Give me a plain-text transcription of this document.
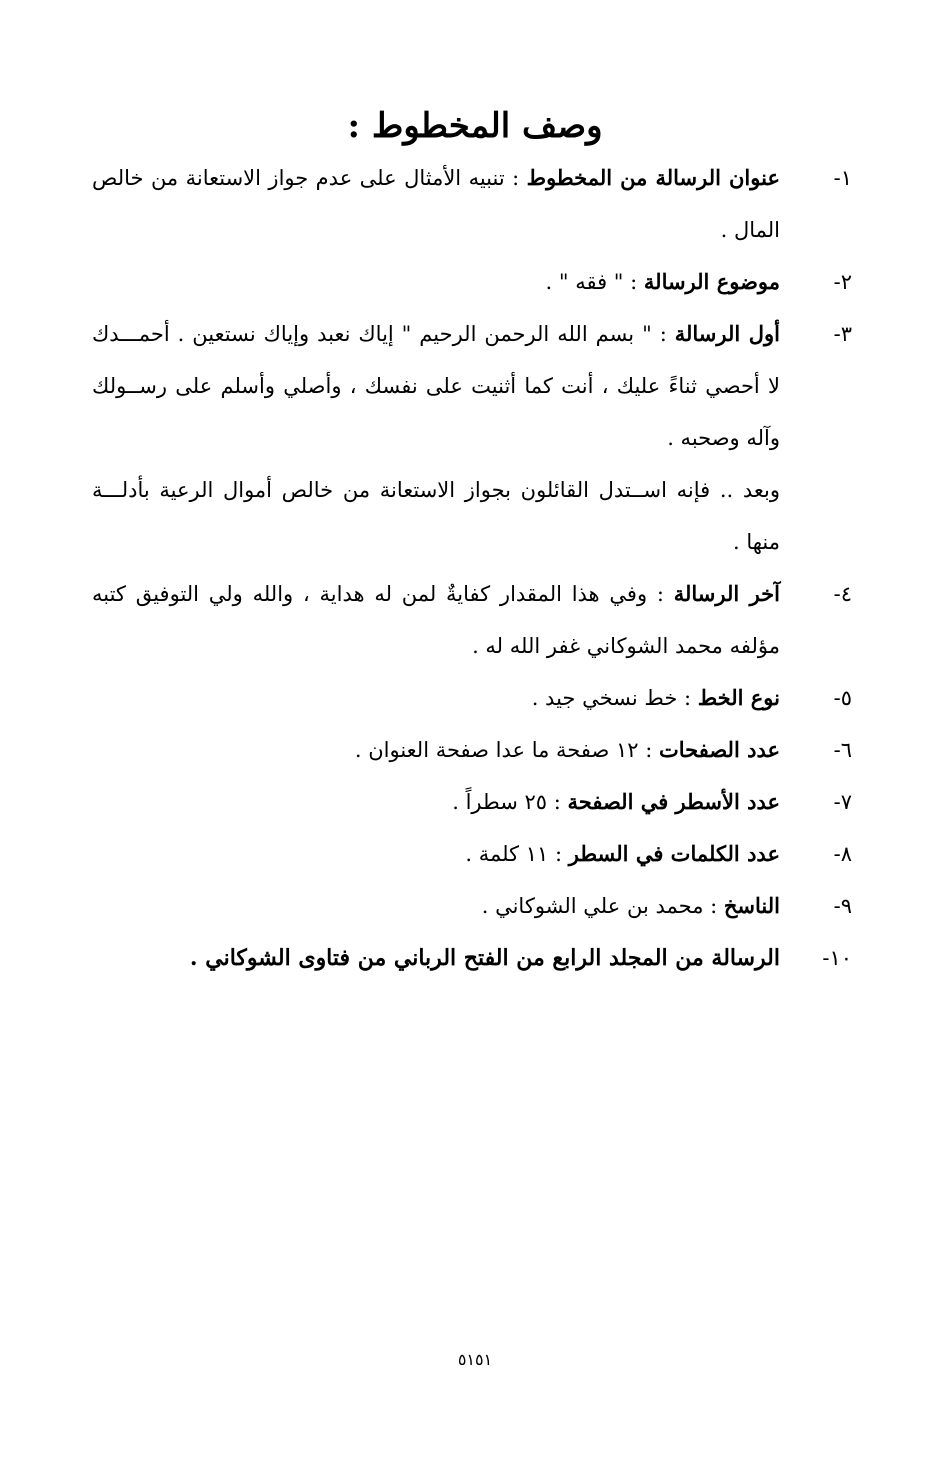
وصف المخطوط :
١-
عنوان الرسالة من المخطوط : تنبيه الأمثال على عدم جواز الاستعانة من خالص المال .
٢-
موضوع الرسالة : " فقه " .
٣-
أول الرسالة : " بسم الله الرحمن الرحيم " إياك نعبد وإياك نستعين . أحمـــدك لا أحصي ثناءً عليك ، أنت كما أثنيت على نفسك ، وأصلي وأسلم على رســولك وآله وصحبه .
وبعد .. فإنه اســتدل القائلون بجواز الاستعانة من خالص أموال الرعية بأدلـــة منها .
٤-
آخر الرسالة : وفي هذا المقدار كفايةٌ لمن له هداية ، والله ولي التوفيق كتبه مؤلفه محمد الشوكاني غفر الله له .
٥-
نوع الخط : خط نسخي جيد .
٦-
عدد الصفحات : ١٢ صفحة ما عدا صفحة العنوان .
٧-
عدد الأسطر في الصفحة : ٢٥ سطراً .
٨-
عدد الكلمات في السطر : ١١ كلمة .
٩-
الناسخ : محمد بن علي الشوكاني .
١٠-
الرسالة من المجلد الرابع من الفتح الرباني من فتاوى الشوكاني .
٥١٥١
